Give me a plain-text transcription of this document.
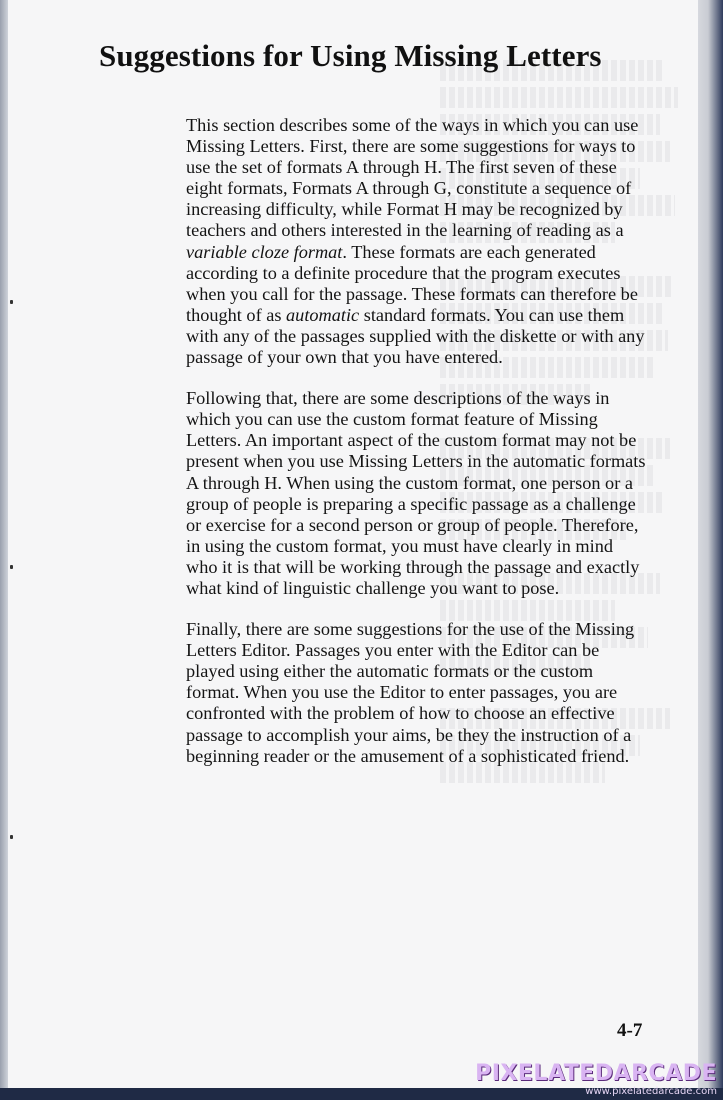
Suggestions for Using Missing Letters

This section describes some of the ways in which you can use Missing Letters. First, there are some suggestions for ways to use the set of formats A through H. The first seven of these eight formats, Formats A through G, constitute a sequence of increasing difficulty, while Format H may be recognized by teachers and others interested in the learning of reading as a variable cloze format. These formats are each generated according to a definite procedure that the program executes when you call for the passage. These formats can therefore be thought of as automatic standard formats. You can use them with any of the passages supplied with the diskette or with any passage of your own that you have entered.

Following that, there are some descriptions of the ways in which you can use the custom format feature of Missing Letters. An important aspect of the custom format may not be present when you use Missing Letters in the automatic formats A through H. When using the custom format, one person or a group of people is preparing a specific passage as a challenge or exercise for a second person or group of people. Therefore, in using the custom format, you must have clearly in mind who it is that will be working through the passage and exactly what kind of linguistic challenge you want to pose.

Finally, there are some suggestions for the use of the Missing Letters Editor. Passages you enter with the Editor can be played using either the automatic formats or the custom format. When you use the Editor to enter passages, you are confronted with the problem of how to choose an effective passage to accomplish your aims, be they the instruction of a beginning reader or the amusement of a sophisticated friend.

4-7
PIXELATEDARCADE
www.pixelatedarcade.com
